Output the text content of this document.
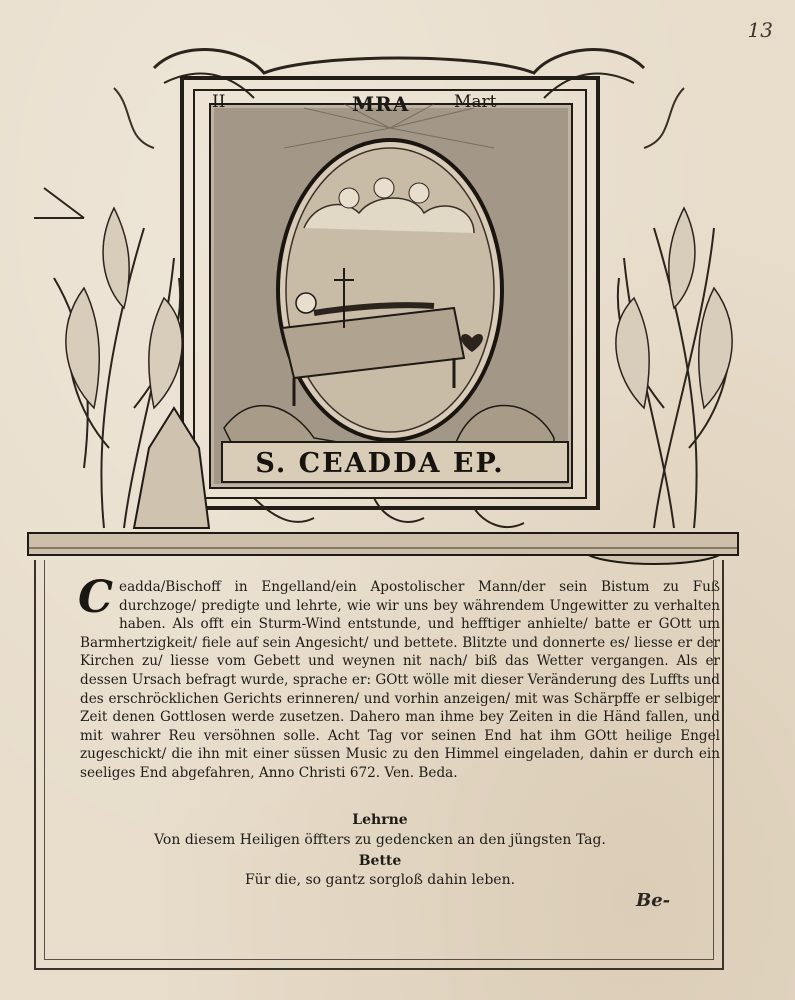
13
II	MRA	Mart
S. CEADDA EP.
C eadda/Bischoff in Engelland/ein Apostolischer Mann/der sein Bistum zu Fuß durchzoge/ predigte und lehrte, wie wir uns bey währendem Ungewitter zu verhalten haben. Als offt ein Sturm-Wind entstunde, und hefftiger anhielte/ batte er GOtt um Barmhertzigkeit/ fiele auf sein Angesicht/ und bettete. Blitzte und donnerte es/ liesse er der Kirchen zu/ liesse vom Gebett und weynen nit nach/ biß das Wetter vergangen. Als er dessen Ursach befragt wurde, sprache er: GOtt wölle mit dieser Veränderung des Luffts und des erschröcklichen Gerichts erinneren/ und vorhin anzeigen/ mit was Schärpffe er selbiger Zeit denen Gottlosen werde zusetzen. Dahero man ihme bey Zeiten in die Händ fallen, und mit wahrer Reu versöhnen solle. Acht Tag vor seinen End hat ihm GOtt heilige Engel zugeschickt/ die ihn mit einer süssen Music zu den Himmel eingeladen, dahin er durch ein seeliges End abgefahren, Anno Christi 672. Ven. Beda.
Lehrne
Von diesem Heiligen öffters zu gedencken an den jüngsten Tag.
Bette
Für die, so gantz sorgloß dahin leben.
Be-
